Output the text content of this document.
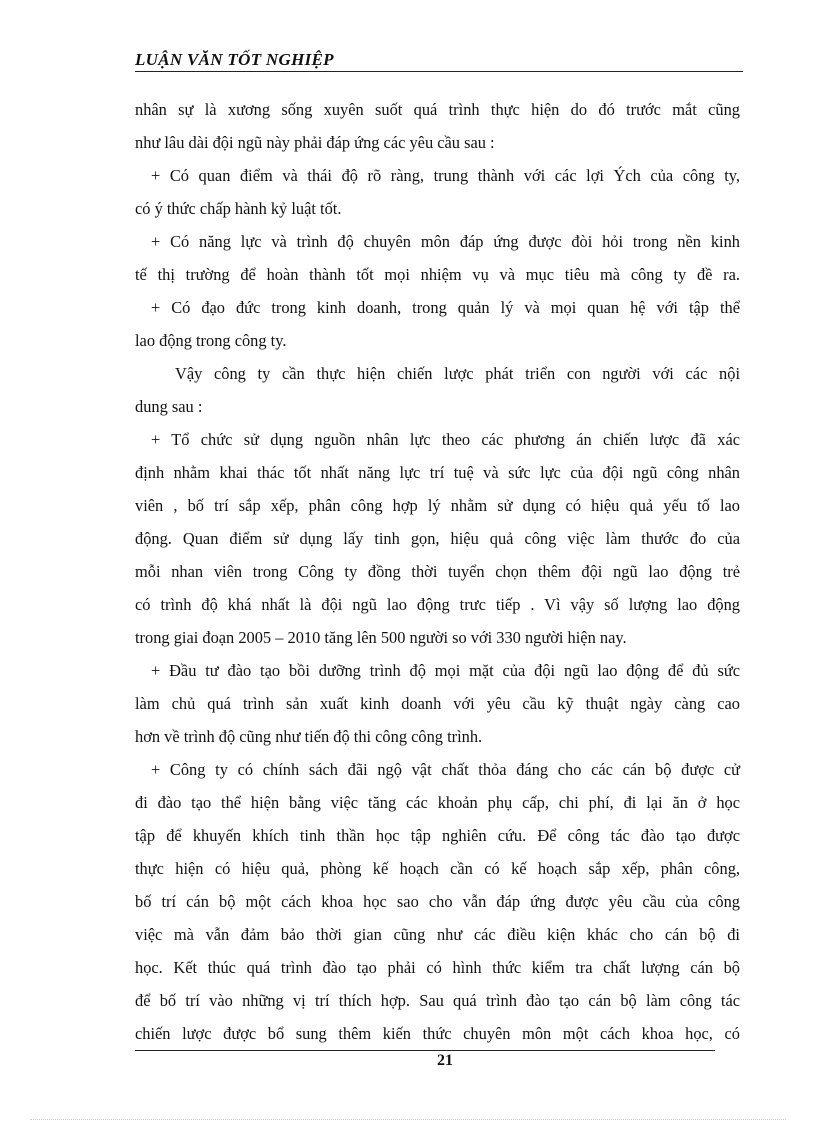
LUẬN VĂN TỐT NGHIỆP
nhân sự là xương sống xuyên suốt quá trình thực hiện do đó trước mắt cũng
như lâu dài đội ngũ này phải đáp ứng các yêu cầu sau :
+ Có quan điểm và thái độ rõ ràng, trung thành với các lợi Ých của công ty,
có ý thức chấp hành kỷ luật tốt.
+ Có năng lực và trình độ chuyên môn đáp ứng được đòi hỏi trong nền kinh
tế thị trường để hoàn thành tốt mọi nhiệm vụ và mục tiêu mà công ty đề ra.
+ Có đạo đức trong kinh doanh, trong quản lý và mọi quan hệ với tập thể
lao động trong công ty.
Vậy công ty cần thực hiện chiến lược phát triển con người với các nội
dung sau :
+ Tổ chức sử dụng nguồn nhân lực theo các phương án chiến lược đã xác
định nhằm khai thác tốt nhất năng lực trí tuệ và sức lực của đội ngũ công nhân
viên , bố trí sắp xếp, phân công hợp lý nhằm sử dụng có hiệu quả yếu tố lao
động. Quan điểm sử dụng lấy tinh gọn, hiệu quả công việc làm thước đo của
mỗi nhan viên trong Công ty đồng thời tuyển chọn thêm đội ngũ lao động trẻ
có trình độ khá nhất là đội ngũ lao động trưc tiếp . Vì vậy số lượng lao động
trong giai đoạn 2005 – 2010 tăng lên 500 người so với 330 người hiện nay.
+ Đầu tư đào tạo bồi dưỡng trình độ mọi mặt của đội ngũ lao động để đủ sức
làm chủ quá trình sản xuất kinh doanh với yêu cầu kỹ thuật ngày càng cao
hơn về trình độ cũng như tiến độ thi công công trình.
+ Công ty có chính sách đãi ngộ vật chất thỏa đáng cho các cán bộ được cử
đi đào tạo thể hiện bằng việc tăng các khoản phụ cấp, chi phí, đi lại ăn ở học
tập để khuyến khích tinh thần học tập nghiên cứu. Để công tác đào tạo được
thực hiện có hiệu quả, phòng kế hoạch cần có kế hoạch sắp xếp, phân công,
bố trí cán bộ một cách khoa học sao cho vẫn đáp ứng được yêu cầu của công
việc mà vẫn đảm bảo thời gian cũng như các điều kiện khác cho cán bộ đi
học. Kết thúc quá trình đào tạo phải có hình thức kiểm tra chất lượng cán bộ
để bố trí vào những vị trí thích hợp. Sau quá trình đào tạo cán bộ làm công tác
chiến lược được bổ sung thêm kiến thức chuyên môn một cách khoa học, có
21
